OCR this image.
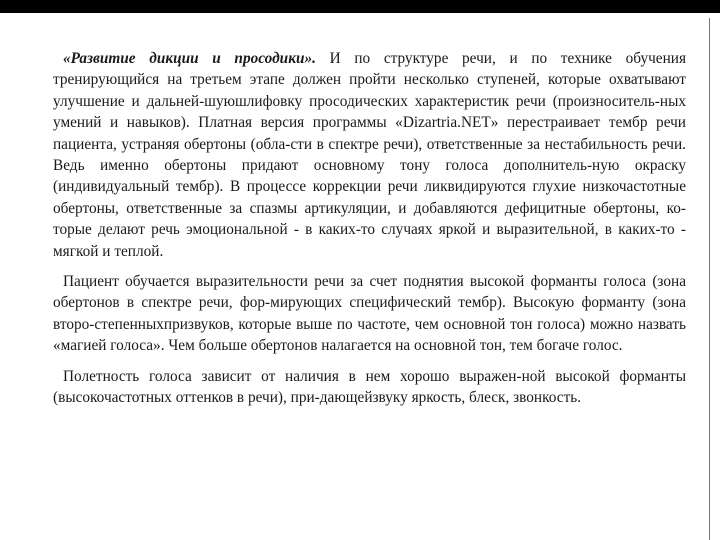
«Развитие дикции и просодики». И по структуре речи, и по технике обучения тренирующийся на третьем этапе должен пройти несколько ступеней, которые охватывают улучшение и дальней-шуюшлифовку просодических характеристик речи (произноситель-ных умений и навыков). Платная версия программы «Dizartria.NET» перестраивает тембр речи пациента, устраняя обертоны (обла-сти в спектре речи), ответственные за нестабильность речи. Ведь именно обертоны придают основному тону голоса дополнитель-ную окраску (индивидуальный тембр). В процессе коррекции речи ликвидируются глухие низкочастотные обертоны, ответственные за спазмы артикуляции, и добавляются дефицитные обертоны, ко-торые делают речь эмоциональной - в каких-то случаях яркой и выразительной, в каких-то - мягкой и теплой.

Пациент обучается выразительности речи за счет поднятия высокой форманты голоса (зона обертонов в спектре речи, фор-мирующих специфический тембр). Высокую форманту (зона второ-степенныхпризвуков, которые выше по частоте, чем основной тон голоса) можно назвать «магией голоса». Чем больше обертонов налагается на основной тон, тем богаче голос.

Полетность голоса зависит от наличия в нем хорошо выражен-ной высокой форманты (высокочастотных оттенков в речи), при-дающейзвуку яркость, блеск, звонкость.
